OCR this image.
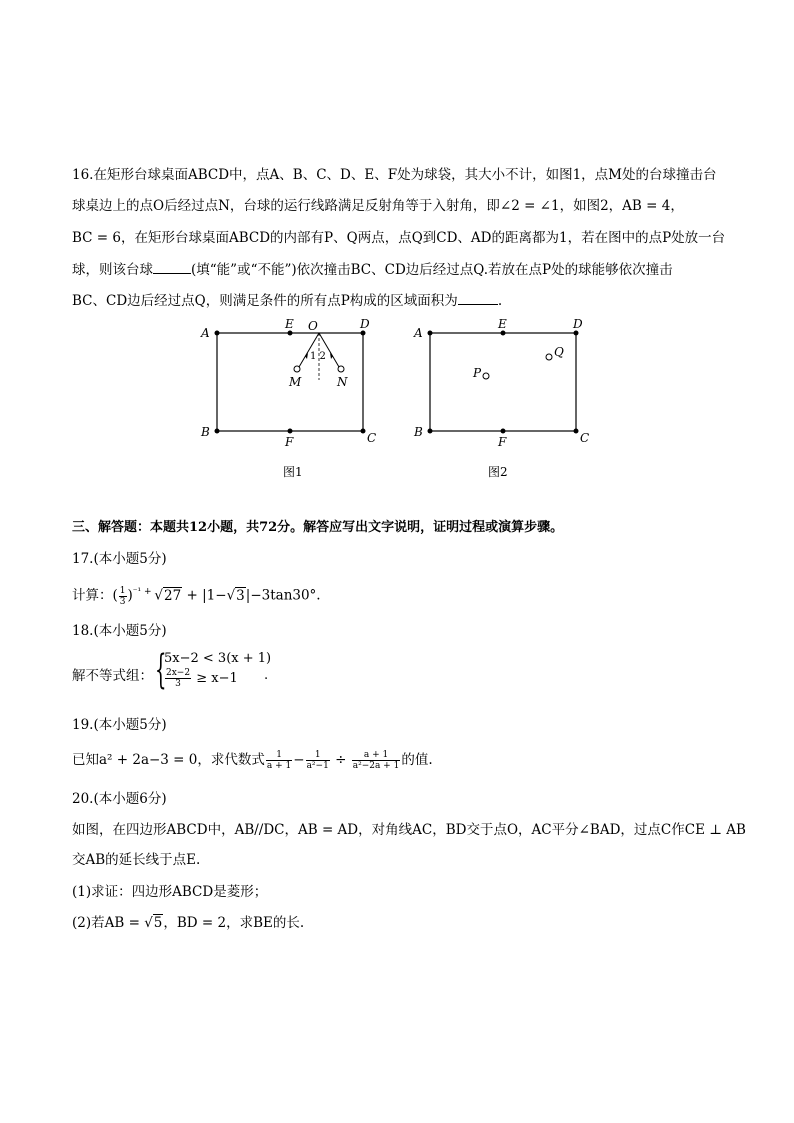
16.在矩形台球桌面ABCD中，点A、B、C、D、E、F处为球袋，其大小不计，如图1，点M处的台球撞击台
球桌边上的点O后经过点N，台球的运行线路满足反射角等于入射角，即∠2 = ∠1，如图2，AB = 4，
BC = 6，在矩形台球桌面ABCD的内部有P、Q两点，点Q到CD、AD的距离都为1，若在图中的点P处放一台
球，则该台球	(填“能”或“不能”)依次撞击BC、CD边后经过点Q.若放在点P处的球能够依次撞击
BC、CD边后经过点Q，则满足条件的所有点P构成的区域面积为	.
A
B	C
D
E
F
O
1 2
M	N
图1
A
B	C
D
E
F
P
Q
图2
三、解答题：本题共12小题，共72分。解答应写出文字说明，证明过程或演算步骤。
17.(本小题5分)
计算：( $\frac{1}{3} )^{^{-1} +}$ √27 + |1−√3|−3tan30°.
18.(本小题5分)
解不等式组： {
5x−2 < 3(x + 1)
$\frac{2x-2}{3} \ge x-1$ .
19.(本小题5分)
已知a² + 2a−3 = 0，求代数式 $\frac{1}{a + 1} - \frac{1}{\text{a²−1}} \div \frac{a + 1}{\text{a²−2a + 1}}$ 的值.
20.(本小题6分)
如图，在四边形ABCD中，AB//DC，AB = AD，对角线AC，BD交于点O，AC平分∠BAD，过点C作CE ⊥ AB
交AB的延长线于点E.
(1)求证：四边形ABCD是菱形；
(2)若AB = √5，BD = 2，求BE的长.
